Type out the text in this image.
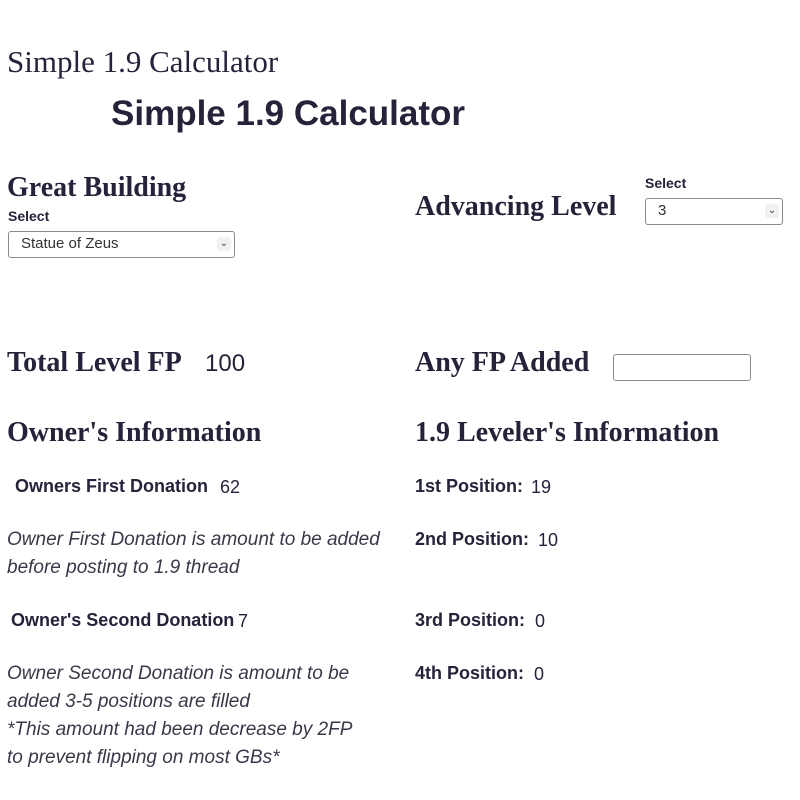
Simple 1.9 Calculator
Simple 1.9 Calculator
Great Building
Select
Statue of Zeus	⌄
Advancing Level
Select
3	⌄
Total Level FP 100	Any FP Added
Owner's Information
Owners First Donation 62
Owner First Donation is amount to be added before posting to 1.9 thread
Owner's Second Donation 7
Owner Second Donation is amount to be added 3-5 positions are filled
*This amount had been decrease by 2FP to prevent flipping on most GBs*
1.9 Leveler's Information
1st Position: 19
2nd Position: 10
3rd Position: 0
4th Position: 0
